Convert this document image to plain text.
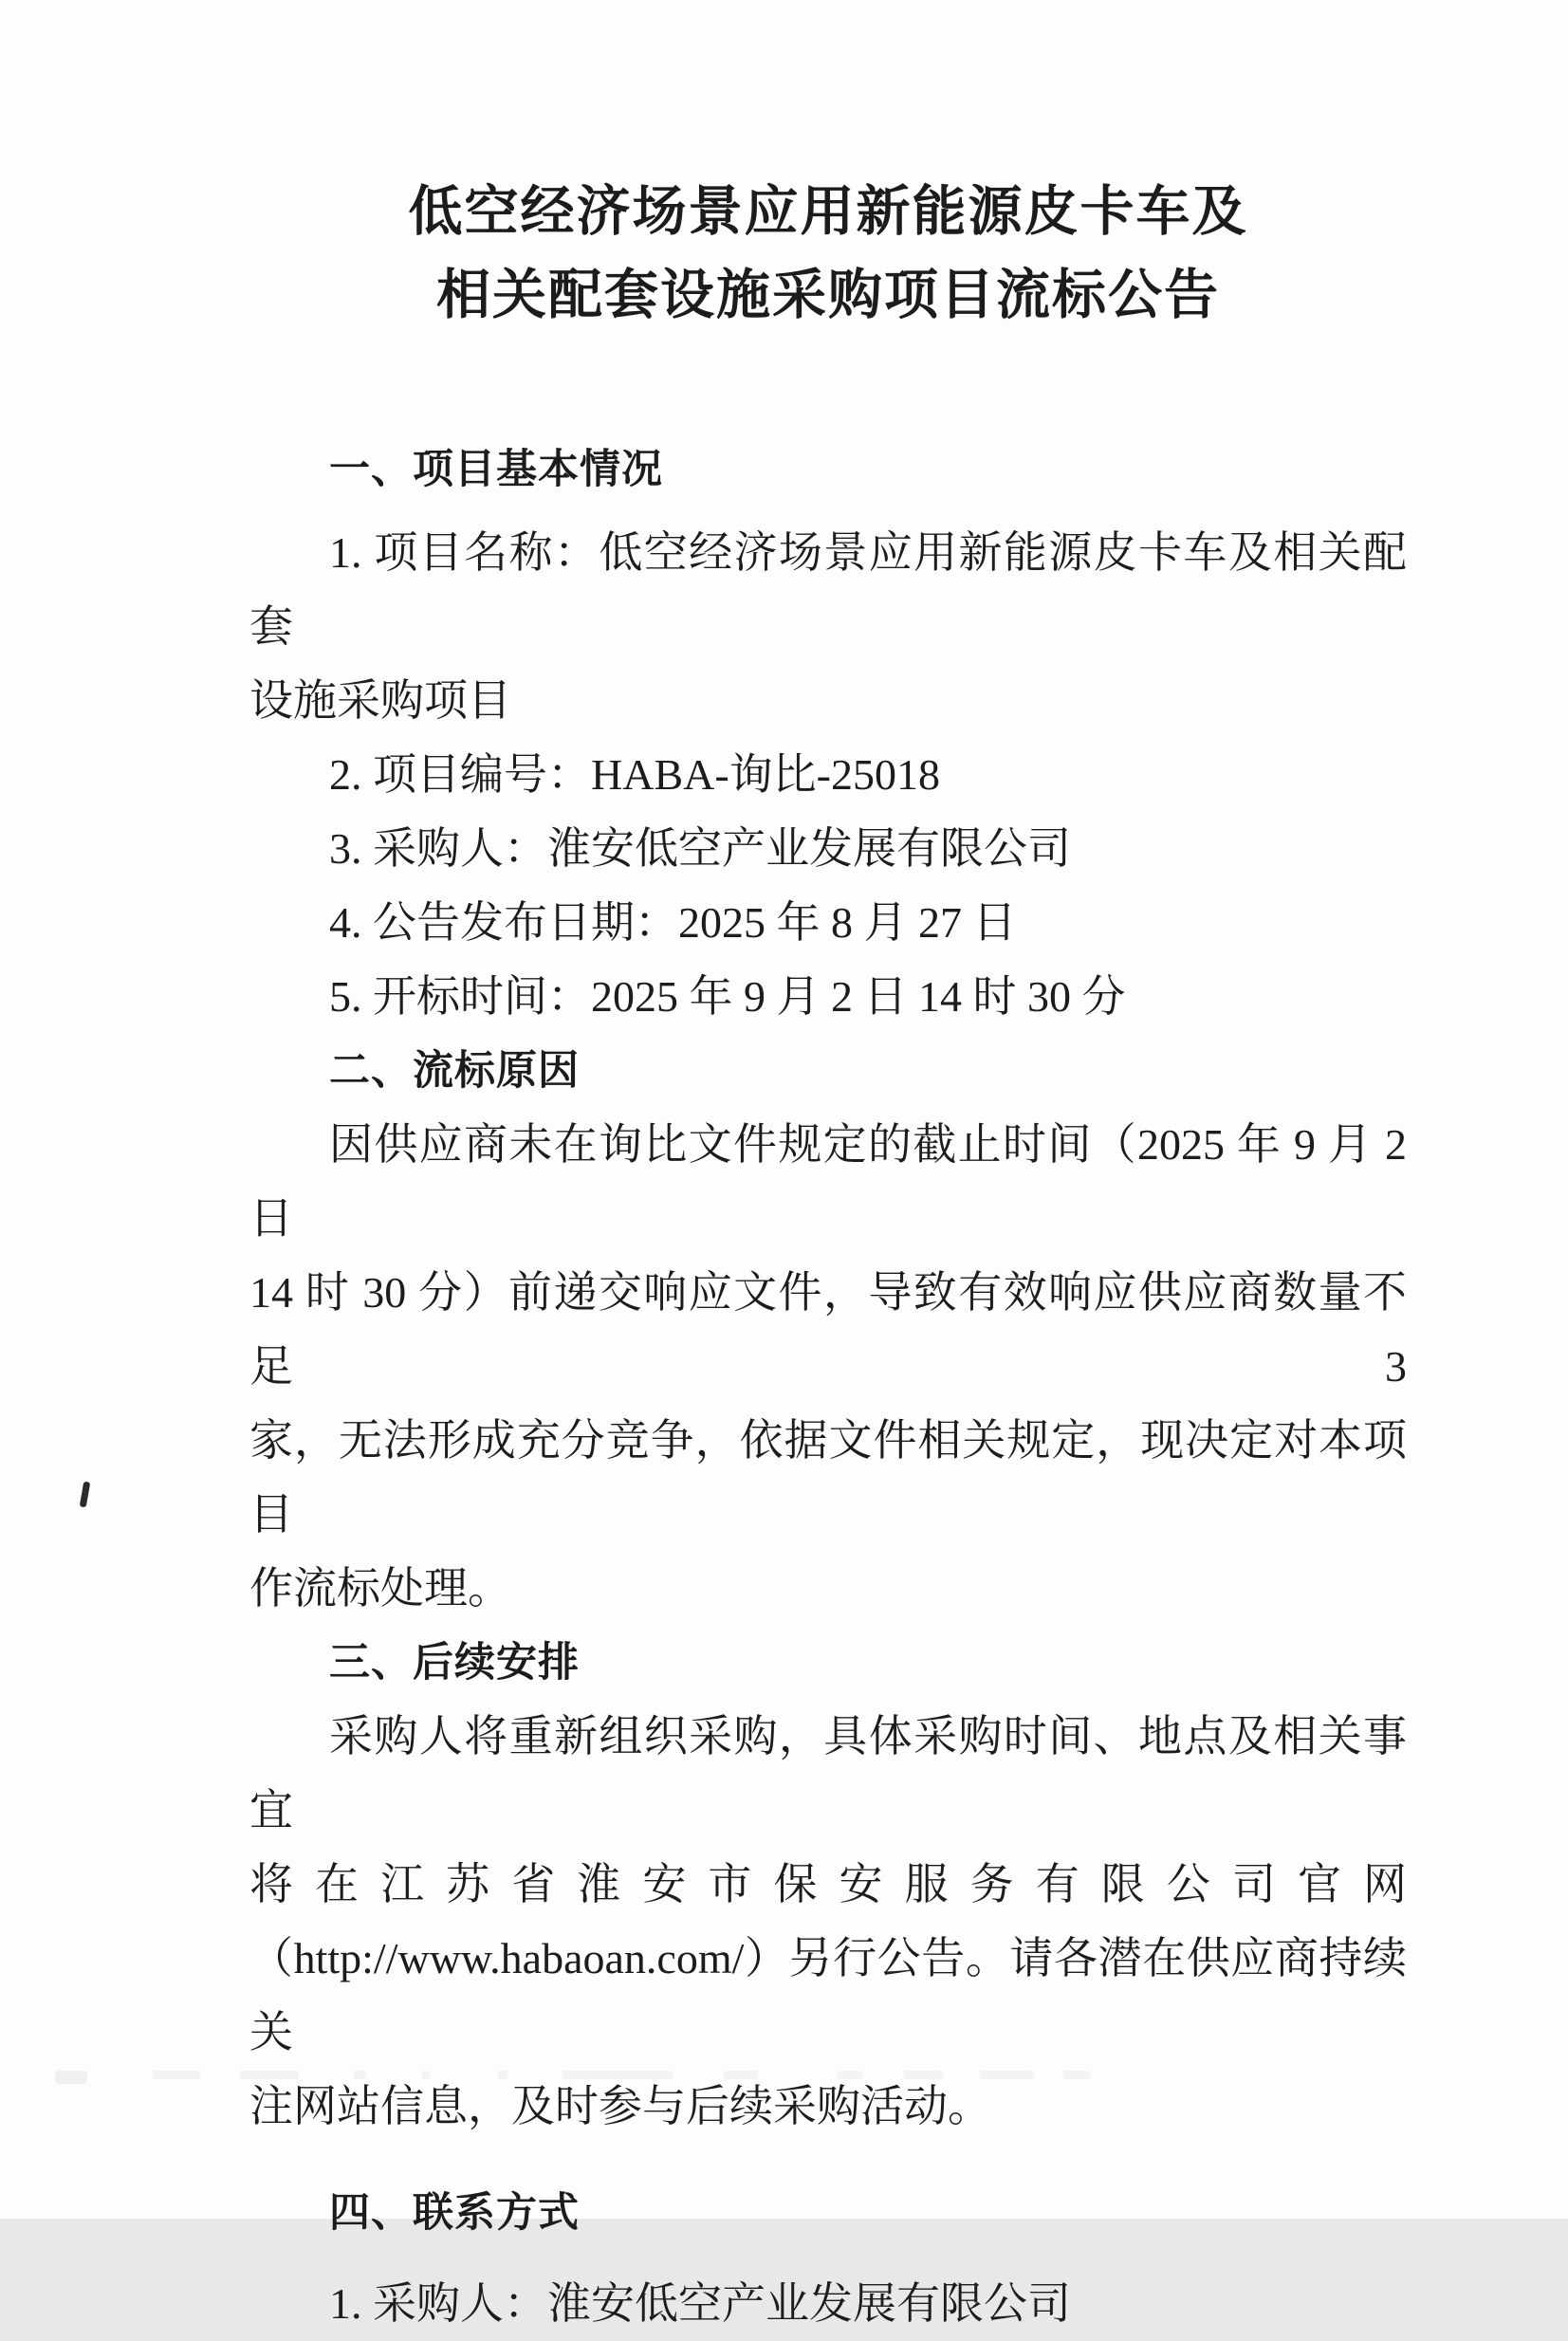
低空经济场景应用新能源皮卡车及
相关配套设施采购项目流标公告
一、项目基本情况
1. 项目名称：低空经济场景应用新能源皮卡车及相关配套
设施采购项目
2. 项目编号：HABA-询比-25018
3. 采购人：淮安低空产业发展有限公司
4. 公告发布日期：2025 年 8 月 27 日
5. 开标时间：2025 年 9 月 2 日 14 时 30 分
二、流标原因
因供应商未在询比文件规定的截止时间（2025 年 9 月 2 日
14 时 30 分）前递交响应文件，导致有效响应供应商数量不足 3
家，无法形成充分竞争，依据文件相关规定，现决定对本项目
作流标处理。
三、后续安排
采购人将重新组织采购，具体采购时间、地点及相关事宜
将在江苏省淮安市保安服务有限公司官网
（http://www.habaoan.com/）另行公告。请各潜在供应商持续关
注网站信息，及时参与后续采购活动。
四、联系方式
1. 采购人：淮安低空产业发展有限公司
